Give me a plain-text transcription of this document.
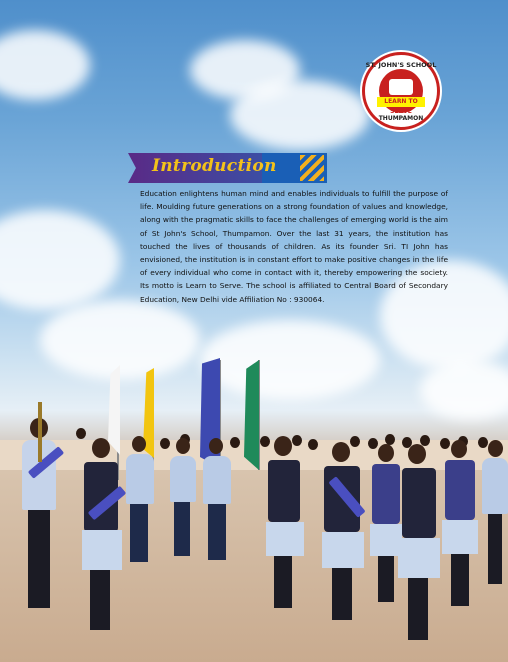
ST. JOHN'S SCHOOL
LEARN TO SERVE
THUMPAMON
Introduction

Education enlightens human mind and enables individuals to fulfill the purpose of life. Moulding future generations on a strong foundation of values and knowledge, along with the pragmatic skills to face the challenges of emerging world is the aim of St John's School, Thumpamon. Over the last 31 years, the institution has touched the lives of thousands of children. As its founder Sri. TI John has envisioned, the institution is in constant effort to make positive changes in the life of every individual who come in contact with it, thereby empowering the society. Its motto is Learn to Serve. The school is affiliated to Central Board of Secondary Education, New Delhi vide Affiliation No : 930064.
